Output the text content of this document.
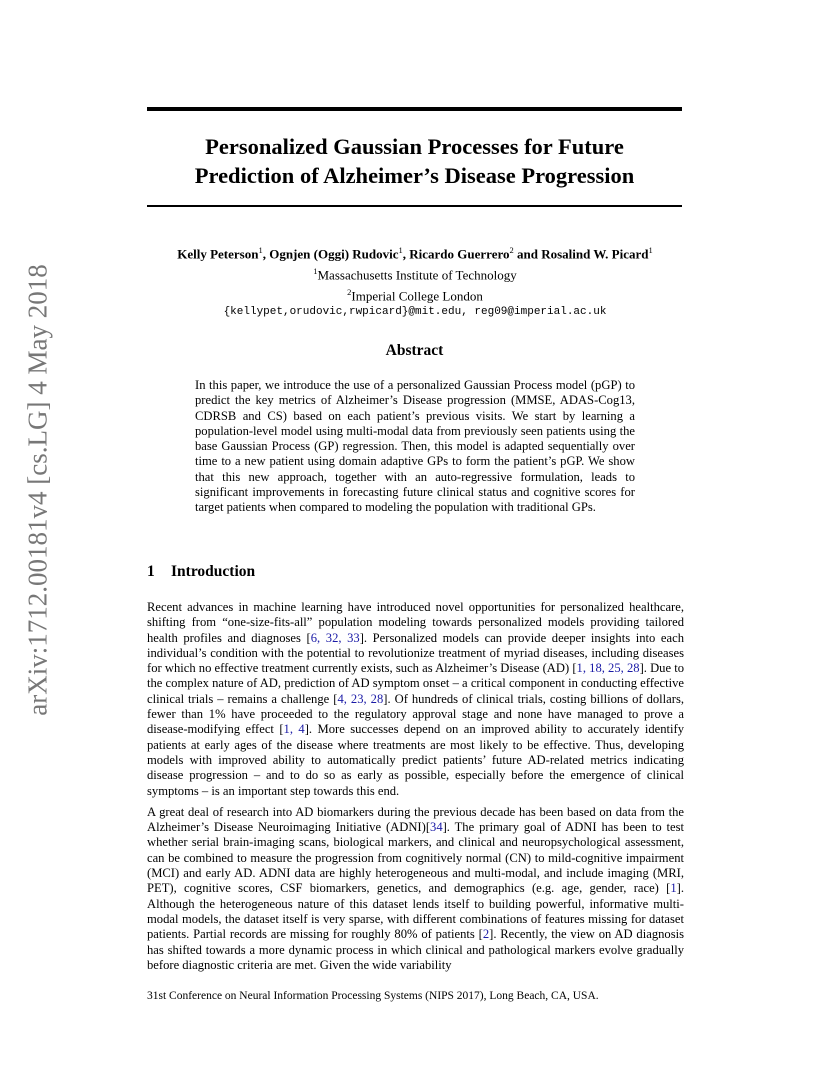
arXiv:1712.00181v4 [cs.LG] 4 May 2018
Personalized Gaussian Processes for Future
Prediction of Alzheimer’s Disease Progression
Kelly Peterson$^1$, Ognjen (Oggi) Rudovic$^1$, Ricardo Guerrero$^2$ and Rosalind W. Picard$^1$
$^1$Massachusetts Institute of Technology
$^2$Imperial College London
{kellypet,orudovic,rwpicard}@mit.edu, reg09@imperial.ac.uk
Abstract
In this paper, we introduce the use of a personalized Gaussian Process model (pGP) to predict the key metrics of Alzheimer’s Disease progression (MMSE, ADAS-Cog13, CDRSB and CS) based on each patient’s previous visits. We start by learning a population-level model using multi-modal data from previously seen patients using the base Gaussian Process (GP) regression. Then, this model is adapted sequentially over time to a new patient using domain adaptive GPs to form the patient’s pGP. We show that this new approach, together with an auto-regressive formulation, leads to significant improvements in forecasting future clinical status and cognitive scores for target patients when compared to modeling the population with traditional GPs.
1 Introduction

Recent advances in machine learning have introduced novel opportunities for personalized healthcare, shifting from “one-size-fits-all” population modeling towards personalized models providing tailored health profiles and diagnoses [6, 32, 33]. Personalized models can provide deeper insights into each individual’s condition with the potential to revolutionize treatment of myriad diseases, including diseases for which no effective treatment currently exists, such as Alzheimer’s Disease (AD) [1, 18, 25, 28]. Due to the complex nature of AD, prediction of AD symptom onset – a critical component in conducting effective clinical trials – remains a challenge [4, 23, 28]. Of hundreds of clinical trials, costing billions of dollars, fewer than 1% have proceeded to the regulatory approval stage and none have managed to prove a disease-modifying effect [1, 4]. More successes depend on an improved ability to accurately identify patients at early ages of the disease where treatments are most likely to be effective. Thus, developing models with improved ability to automatically predict patients’ future AD-related metrics indicating disease progression – and to do so as early as possible, especially before the emergence of clinical symptoms – is an important step towards this end.

A great deal of research into AD biomarkers during the previous decade has been based on data from the Alzheimer’s Disease Neuroimaging Initiative (ADNI)[34]. The primary goal of ADNI has been to test whether serial brain-imaging scans, biological markers, and clinical and neuropsychological assessment, can be combined to measure the progression from cognitively normal (CN) to mild-cognitive impairment (MCI) and early AD. ADNI data are highly heterogeneous and multi-modal, and include imaging (MRI, PET), cognitive scores, CSF biomarkers, genetics, and demographics (e.g. age, gender, race) [1]. Although the heterogeneous nature of this dataset lends itself to building powerful, informative multi-modal models, the dataset itself is very sparse, with different combinations of features missing for dataset patients. Partial records are missing for roughly 80% of patients [2]. Recently, the view on AD diagnosis has shifted towards a more dynamic process in which clinical and pathological markers evolve gradually before diagnostic criteria are met. Given the wide variability

31st Conference on Neural Information Processing Systems (NIPS 2017), Long Beach, CA, USA.
